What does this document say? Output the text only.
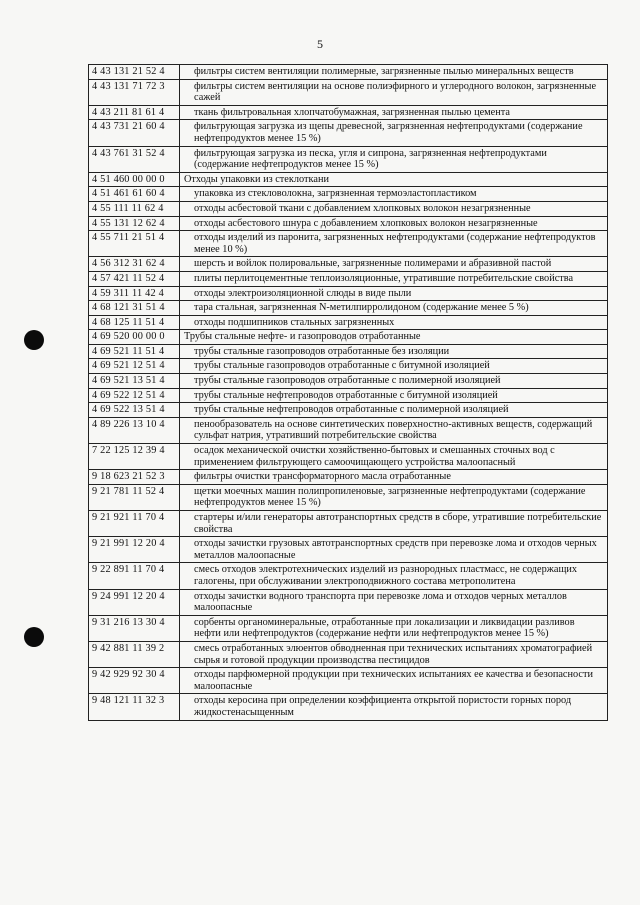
5
4 43 131 21 52 4	фильтры систем вентиляции полимерные, загрязненные пылью минеральных веществ
4 43 131 71 72 3	фильтры систем вентиляции на основе полиэфирного и углеродного волокон, загрязненные сажей
4 43 211 81 61 4	ткань фильтровальная хлопчатобумажная, загрязненная пылью цемента
4 43 731 21 60 4	фильтрующая загрузка из щепы древесной, загрязненная нефтепродуктами (содержание нефтепродуктов менее 15 %)
4 43 761 31 52 4	фильтрующая загрузка из песка, угля и сипрона, загрязненная нефтепродуктами (содержание нефтепродуктов менее 15 %)
4 51 460 00 00 0	Отходы упаковки из стеклоткани
4 51 461 61 60 4	упаковка из стекловолокна, загрязненная термоэластопластиком
4 55 111 11 62 4	отходы асбестовой ткани с добавлением хлопковых волокон незагрязненные
4 55 131 12 62 4	отходы асбестового шнура с добавлением хлопковых волокон незагрязненные
4 55 711 21 51 4	отходы изделий из паронита, загрязненных нефтепродуктами (содержание нефтепродуктов менее 10 %)
4 56 312 31 62 4	шерсть и войлок полировальные, загрязненные полимерами и абразивной пастой
4 57 421 11 52 4	плиты перлитоцементные теплоизоляционные, утратившие потребительские свойства
4 59 311 11 42 4	отходы электроизоляционной слюды в виде пыли
4 68 121 31 51 4	тара стальная, загрязненная N-метилпирролидоном (содержание менее 5 %)
4 68 125 11 51 4	отходы подшипников стальных загрязненных
4 69 520 00 00 0	Трубы стальные нефте- и газопроводов отработанные
4 69 521 11 51 4	трубы стальные газопроводов отработанные без изоляции
4 69 521 12 51 4	трубы стальные газопроводов отработанные с битумной изоляцией
4 69 521 13 51 4	трубы стальные газопроводов отработанные с полимерной изоляцией
4 69 522 12 51 4	трубы стальные нефтепроводов отработанные с битумной изоляцией
4 69 522 13 51 4	трубы стальные нефтепроводов отработанные с полимерной изоляцией
4 89 226 13 10 4	пенообразователь на основе синтетических поверхностно-активных веществ, содержащий сульфат натрия, утративший потребительские свойства
7 22 125 12 39 4	осадок механической очистки хозяйственно-бытовых и смешанных сточных вод с применением фильтрующего самоочищающего устройства малоопасный
9 18 623 21 52 3	фильтры очистки трансформаторного масла отработанные
9 21 781 11 52 4	щетки моечных машин полипропиленовые, загрязненные нефтепродуктами (содержание нефтепродуктов менее 15 %)
9 21 921 11 70 4	стартеры и/или генераторы автотранспортных средств в сборе, утратившие потребительские свойства
9 21 991 12 20 4	отходы зачистки грузовых автотранспортных средств при перевозке лома и отходов черных металлов малоопасные
9 22 891 11 70 4	смесь отходов электротехнических изделий из разнородных пластмасс, не содержащих галогены, при обслуживании электроподвижного состава метрополитена
9 24 991 12 20 4	отходы зачистки водного транспорта при перевозке лома и отходов черных металлов малоопасные
9 31 216 13 30 4	сорбенты органоминеральные, отработанные при локализации и ликвидации разливов нефти или нефтепродуктов (содержание нефти или нефтепродуктов менее 15 %)
9 42 881 11 39 2	смесь отработанных элюентов обводненная при технических испытаниях хроматографией сырья и готовой продукции производства пестицидов
9 42 929 92 30 4	отходы парфюмерной продукции при технических испытаниях ее качества и безопасности малоопасные
9 48 121 11 32 3	отходы керосина при определении коэффициента открытой пористости горных пород жидкостенасыщенным
